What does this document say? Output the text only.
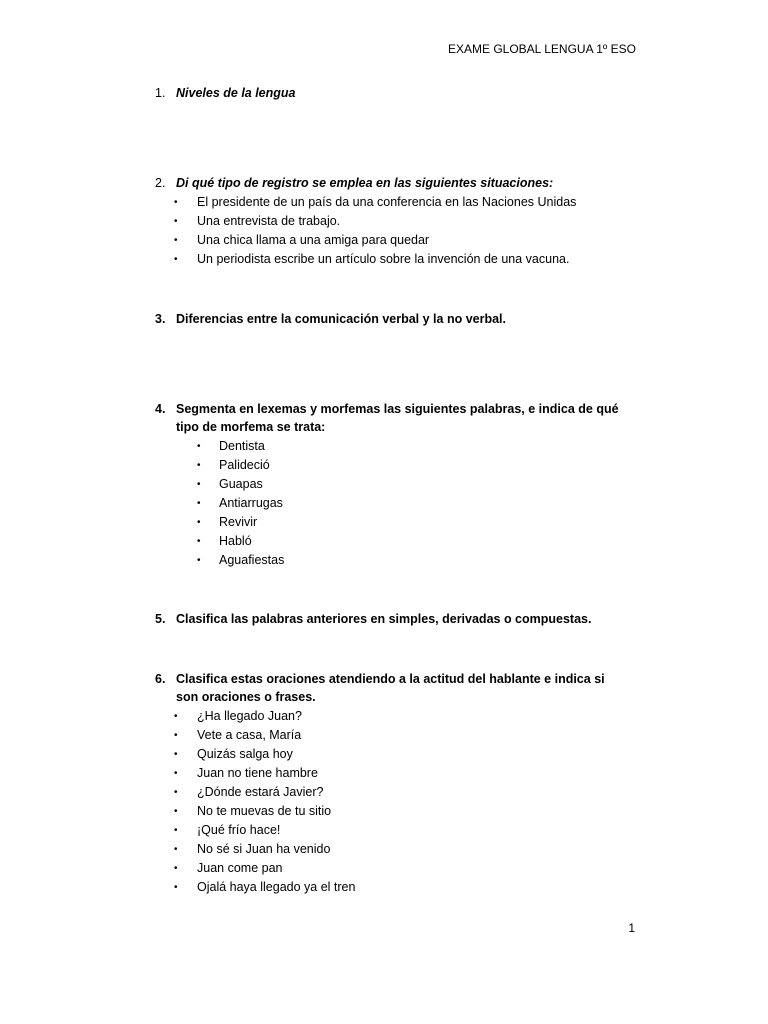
EXAME GLOBAL LENGUA 1º ESO
1. Niveles de la lengua
2. Di qué tipo de registro se emplea en las siguientes situaciones:
• El presidente de un país da una conferencia en las Naciones Unidas
• Una entrevista de trabajo.
• Una chica llama a una amiga para quedar
• Un periodista escribe un artículo sobre la invención de una vacuna.
3. Diferencias entre la comunicación verbal y la no verbal.
4. Segmenta en lexemas y morfemas las siguientes palabras, e indica de qué tipo de morfema se trata:
• Dentista
• Palideció
• Guapas
• Antiarrugas
• Revivir
• Habló
• Aguafiestas
5. Clasifica las palabras anteriores en simples, derivadas o compuestas.
6. Clasifica estas oraciones atendiendo a la actitud del hablante e indica si son oraciones o frases.
• ¿Ha llegado Juan?
• Vete a casa, María
• Quizás salga hoy
• Juan no tiene hambre
• ¿Dónde estará Javier?
• No te muevas de tu sitio
• ¡Qué frío hace!
• No sé si Juan ha venido
• Juan come pan
• Ojalá haya llegado ya el tren
1
